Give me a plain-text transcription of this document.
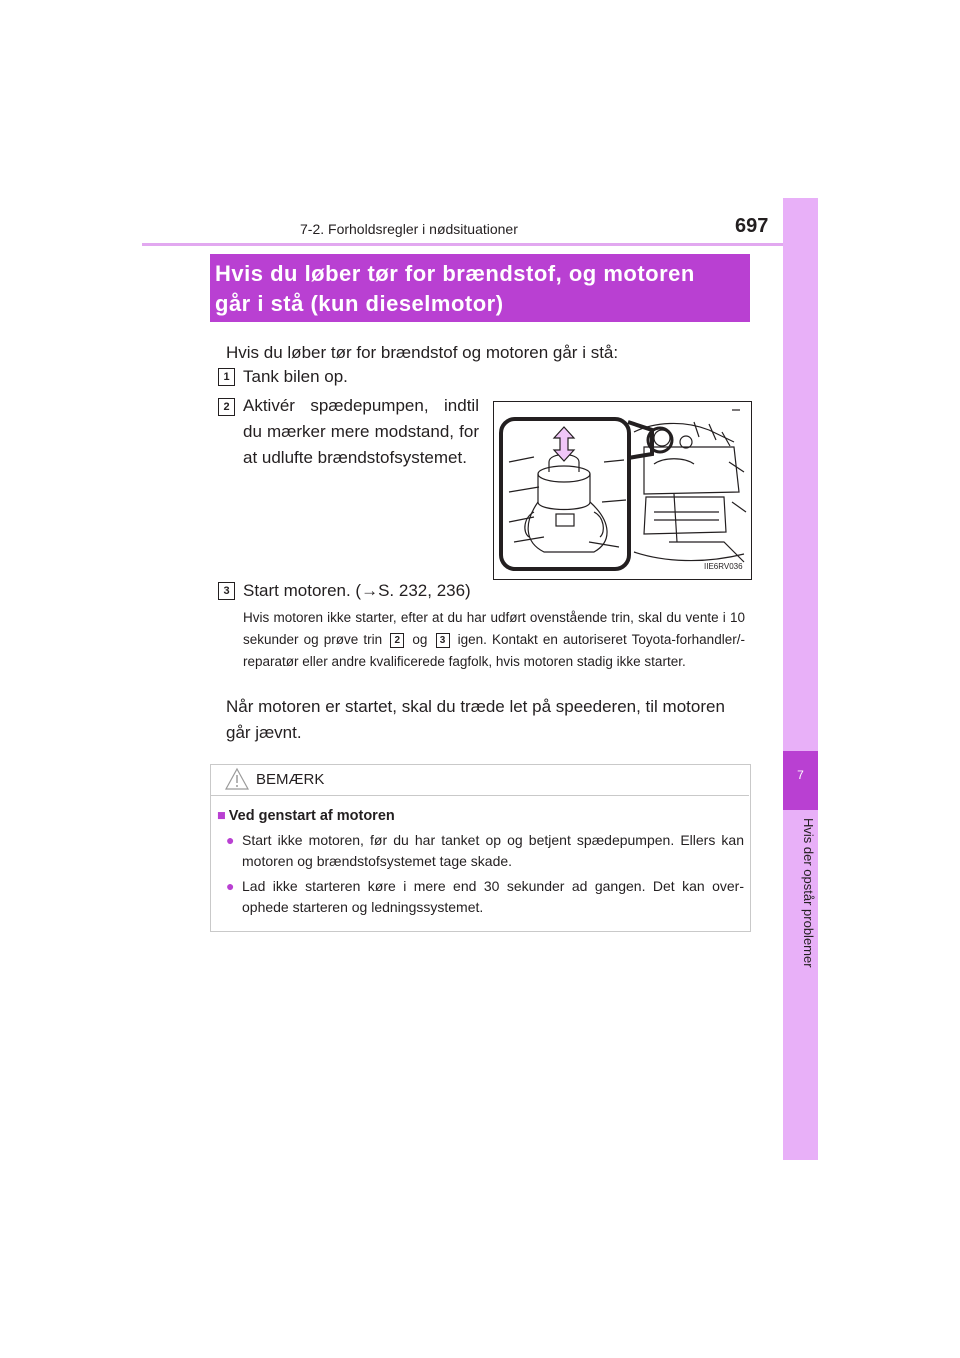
7-2. Forholdsregler i nødsituationer	697
7
Hvis der opstår problemer
Hvis du løber tør for brændstof, og motoren
går i stå (kun dieselmotor)
Hvis du løber tør for brændstof og motoren går i stå:
1 Tank bilen op.
2 Aktivér spædepumpen, indtil du mærker mere modstand, for at udlufte brændstofsystemet.
IIE6RV036
3 Start motoren. (→S. 232, 236)
Hvis motoren ikke starter, efter at du har udført ovenstående trin, skal du vente i 10 sekunder og prøve trin 2 og 3 igen. Kontakt en autoriseret Toyota-forhandler/-reparatør eller andre kvalificerede fagfolk, hvis motoren stadig ikke starter.
Når motoren er startet, skal du træde let på speederen, til motoren går jævnt.
BEMÆRK
■ Ved genstart af motoren
● Start ikke motoren, før du har tanket op og betjent spædepumpen. Ellers kan motoren og brændstofsystemet tage skade.
● Lad ikke starteren køre i mere end 30 sekunder ad gangen. Det kan over-ophede starteren og ledningssystemet.
